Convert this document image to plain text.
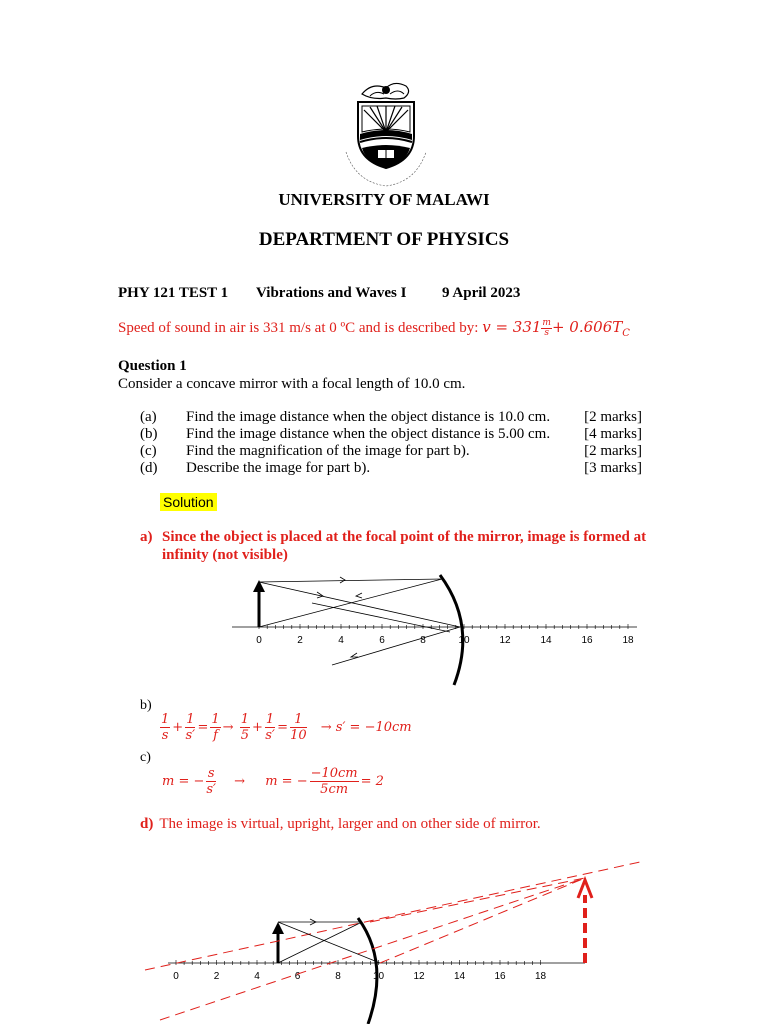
UNIVERSITY OF MALAWI
DEPARTMENT OF PHYSICS
PHY 121 TEST 1 Vibrations and Waves I 9 April 2023
Speed of sound in air is 331 m/s at 0 ºC and is described by: $v = 331 \frac{m}{s} + 0.606T_C$
Question 1
Consider a concave mirror with a focal length of 10.0 cm.
(a) Find the image distance when the object distance is 10.0 cm. [2 marks]
(b) Find the image distance when the object distance is 5.00 cm. [4 marks]
(c) Find the magnification of the image for part b).	[2 marks]
(d) Describe the image for part b).	[3 marks]
Solution
a) Since the object is placed at the focal point of the mirror, image is formed at infinity (not visible)
0	2	4	6	8	10	12	14	16	18
b)
$\frac{1}{s} + \frac{1}{s'} = \frac{1}{f} \to \frac{1}{5} + \frac{1}{s'} = \frac{1}{10} \to s' = -10cm$
c)
m = − $\frac{s}{s'} \to m$ = − $\frac{-10cm}{5cm} = 2$
d) The image is virtual, upright, larger and on other side of mirror.
0	2	4	6	8	10	12	14	16	18
